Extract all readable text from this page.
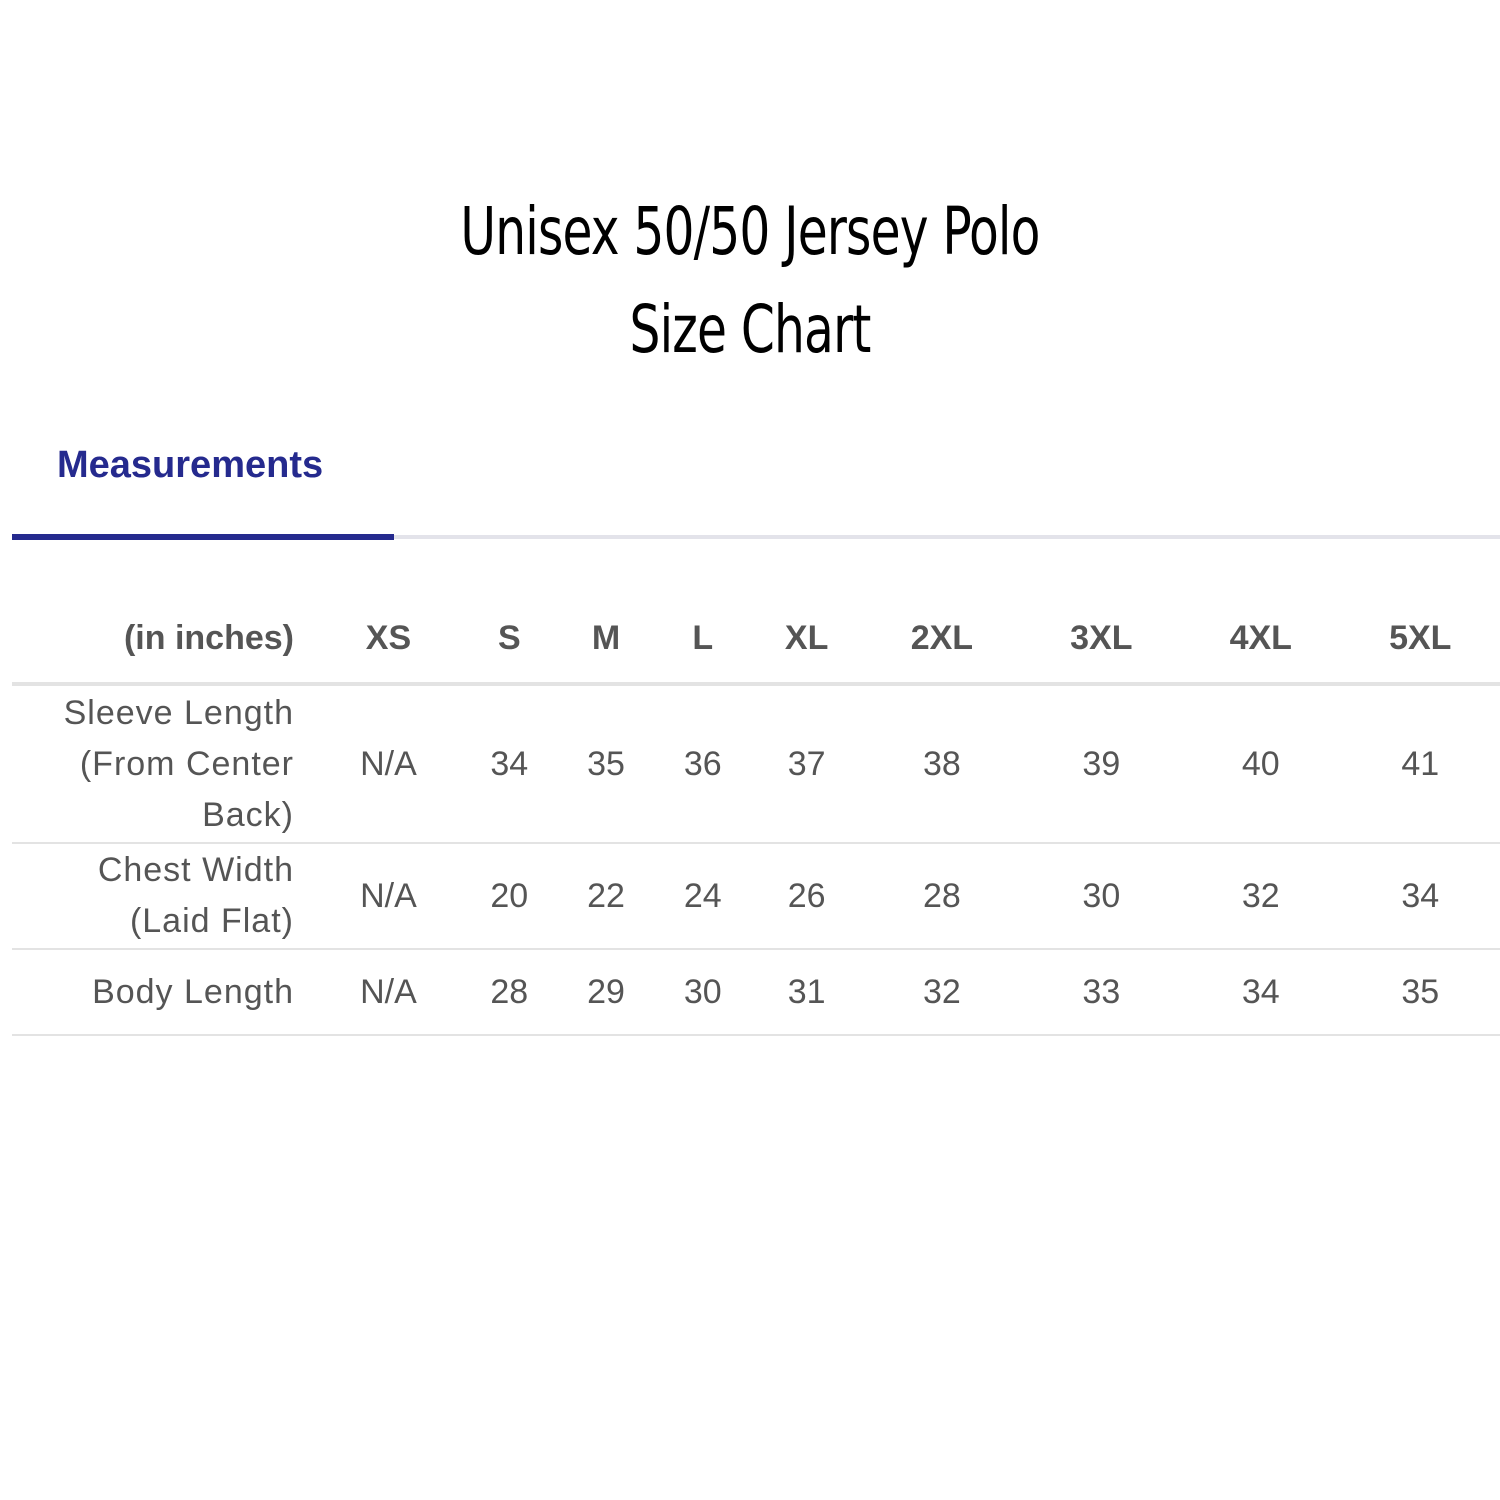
Unisex 50/50 Jersey Polo
Size Chart
Measurements
(in inches)	XS	S	M	L	XL	2XL	3XL	4XL	5XL
Sleeve Length
(From Center
Back)	N/A	34	35	36	37	38	39	40	41
Chest Width
(Laid Flat)	N/A	20	22	24	26	28	30	32	34
Body Length	N/A	28	29	30	31	32	33	34	35
